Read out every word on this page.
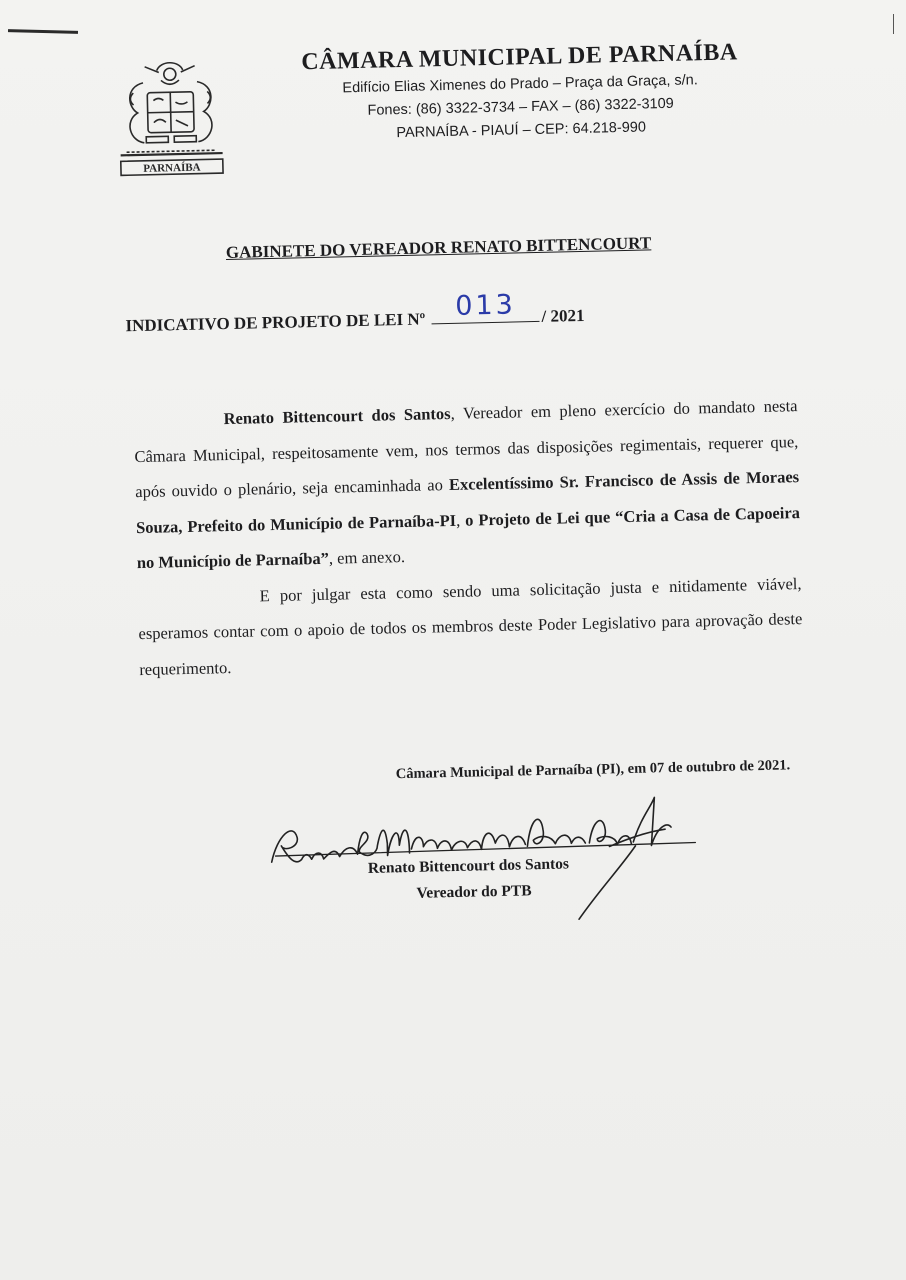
PARNAÍBA

CÂMARA MUNICIPAL DE PARNAÍBA

Edifício Elias Ximenes do Prado – Praça da Graça, s/n.

Fones: (86) 3322-3734 – FAX – (86) 3322-3109

PARNAÍBA - PIAUÍ – CEP: 64.218-990

GABINETE DO VEREADOR RENATO BITTENCOURT
INDICATIVO DE PROJETO DE LEI Nº
013 / 2021

Renato Bittencourt dos Santos, Vereador em pleno exercício do mandato nesta Câmara Municipal, respeitosamente vem, nos termos das disposições regimentais, requerer que, após ouvido o plenário, seja encaminhada ao Excelentíssimo Sr. Francisco de Assis de Moraes Souza, Prefeito do Município de Parnaíba-PI, o Projeto de Lei que “Cria a Casa de Capoeira no Município de Parnaíba”, em anexo.

E por julgar esta como sendo uma solicitação justa e nitidamente viável, esperamos contar com o apoio de todos os membros deste Poder Legislativo para aprovação deste requerimento.

Câmara Municipal de Parnaíba (PI), em 07 de outubro de 2021.
Renato Bittencourt dos Santos
Vereador do PTB
